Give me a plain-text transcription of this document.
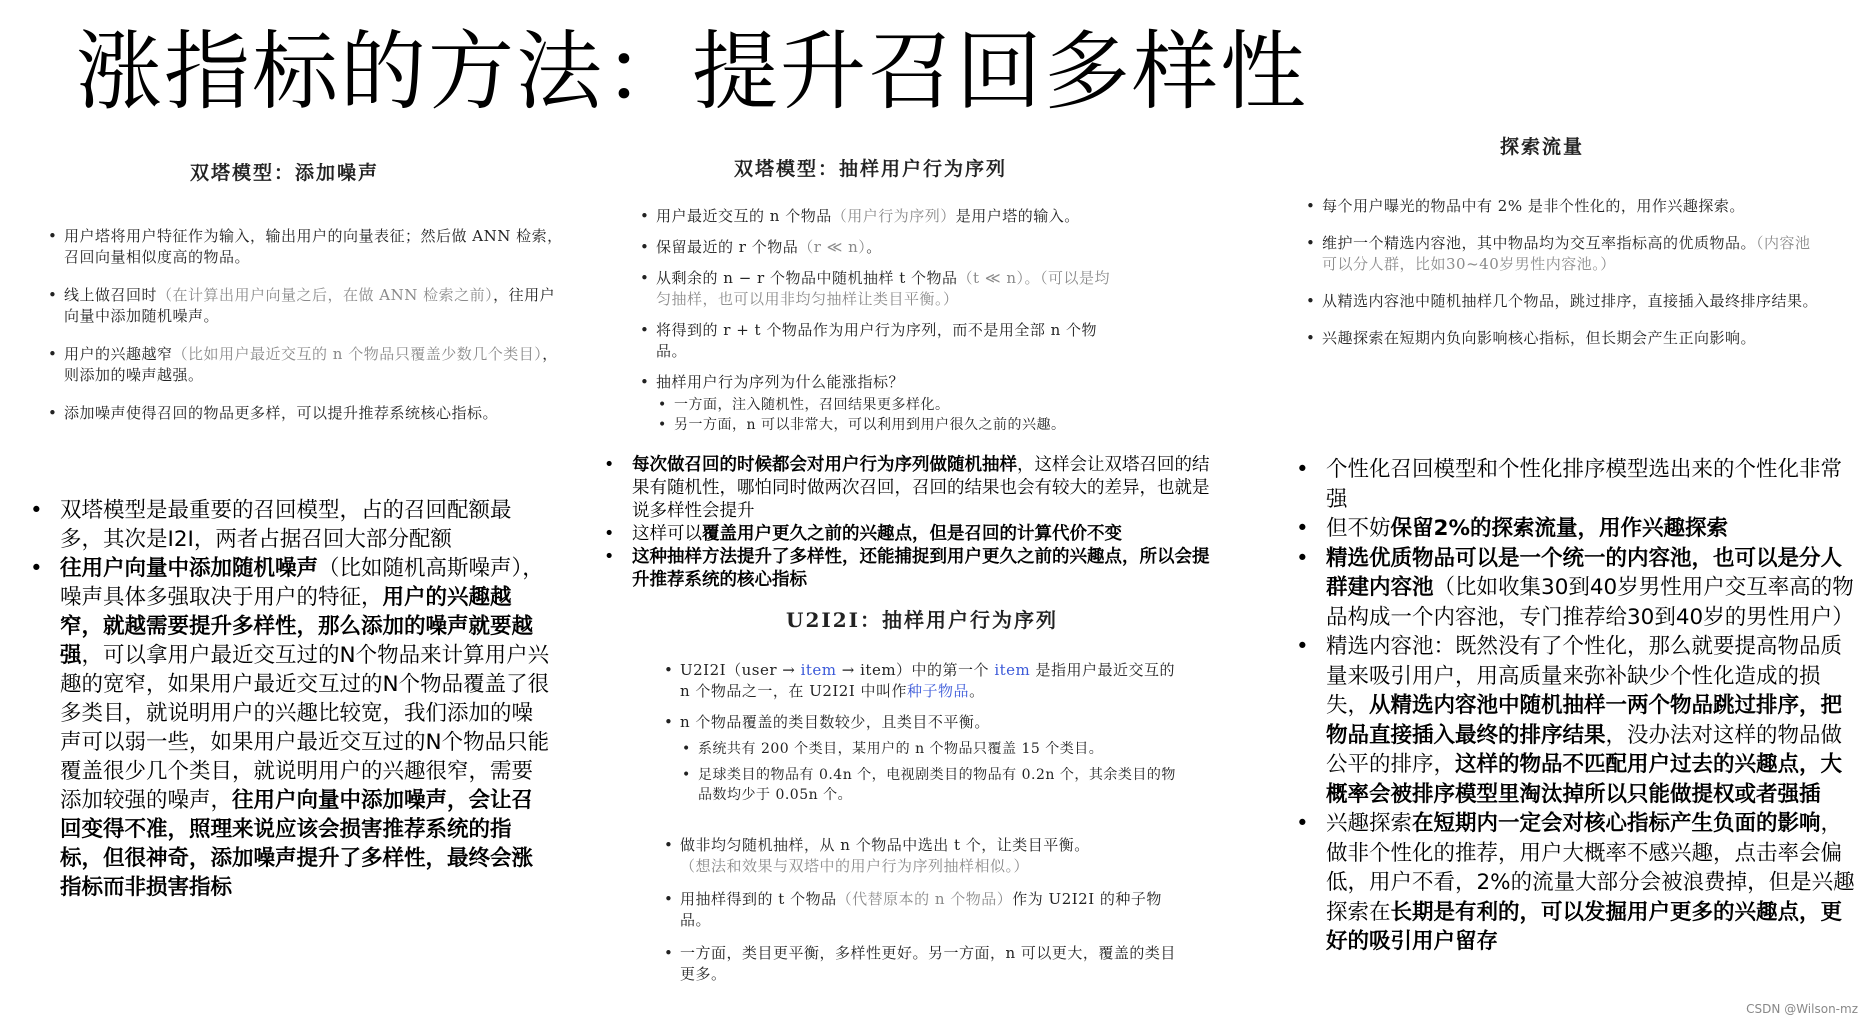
涨指标的方法：提升召回多样性
双塔模型：添加噪声
• 用户塔将用户特征作为输入，输出用户的向量表征；然后做 ANN 检索，召回向量相似度高的物品。
• 线上做召回时（在计算出用户向量之后，在做 ANN 检索之前），往用户向量中添加随机噪声。
• 用户的兴趣越窄（比如用户最近交互的 n 个物品只覆盖少数几个类目），则添加的噪声越强。
• 添加噪声使得召回的物品更多样，可以提升推荐系统核心指标。
双塔模型：抽样用户行为序列
• 用户最近交互的 n 个物品（用户行为序列）是用户塔的输入。
• 保留最近的 r 个物品（r ≪ n）。
• 从剩余的 n − r 个物品中随机抽样 t 个物品（t ≪ n）。（可以是均匀抽样，也可以用非均匀抽样让类目平衡。）
• 将得到的 r + t 个物品作为用户行为序列，而不是用全部 n 个物品。
• 抽样用户行为序列为什么能涨指标？
• 一方面，注入随机性，召回结果更多样化。
• 另一方面，n 可以非常大，可以利用到用户很久之前的兴趣。
探索流量
• 每个用户曝光的物品中有 2% 是非个性化的，用作兴趣探索。
• 维护一个精选内容池，其中物品均为交互率指标高的优质物品。（内容池可以分人群，比如30~40岁男性内容池。）
• 从精选内容池中随机抽样几个物品，跳过排序，直接插入最终排序结果。
• 兴趣探索在短期内负向影响核心指标，但长期会产生正向影响。
U2I2I：抽样用户行为序列
• U2I2I（user → item → item）中的第一个 item 是指用户最近交互的 n 个物品之一，在 U2I2I 中叫作种子物品。
• n 个物品覆盖的类目数较少，且类目不平衡。
• 系统共有 200 个类目，某用户的 n 个物品只覆盖 15 个类目。
• 足球类目的物品有 0.4n 个，电视剧类目的物品有 0.2n 个，其余类目的物品数均少于 0.05n 个。
• 做非均匀随机抽样，从 n 个物品中选出 t 个，让类目平衡。
（想法和效果与双塔中的用户行为序列抽样相似。）
• 用抽样得到的 t 个物品（代替原本的 n 个物品）作为 U2I2I 的种子物品。
• 一方面，类目更平衡，多样性更好。另一方面，n 可以更大，覆盖的类目更多。
• 双塔模型是最重要的召回模型，占的召回配额最多，其次是I2I，两者占据召回大部分配额
• 往用户向量中添加随机噪声（比如随机高斯噪声），噪声具体多强取决于用户的特征，用户的兴趣越窄，就越需要提升多样性，那么添加的噪声就要越强，可以拿用户最近交互过的N个物品来计算用户兴趣的宽窄，如果用户最近交互过的N个物品覆盖了很多类目，就说明用户的兴趣比较宽，我们添加的噪声可以弱一些，如果用户最近交互过的N个物品只能覆盖很少几个类目，就说明用户的兴趣很窄，需要添加较强的噪声，往用户向量中添加噪声，会让召回变得不准，照理来说应该会损害推荐系统的指标，但很神奇，添加噪声提升了多样性，最终会涨指标而非损害指标
• 每次做召回的时候都会对用户行为序列做随机抽样，这样会让双塔召回的结果有随机性，哪怕同时做两次召回，召回的结果也会有较大的差异，也就是说多样性会提升
• 这样可以覆盖用户更久之前的兴趣点，但是召回的计算代价不变
• 这种抽样方法提升了多样性，还能捕捉到用户更久之前的兴趣点，所以会提升推荐系统的核心指标
• 个性化召回模型和个性化排序模型选出来的个性化非常强
• 但不妨保留2%的探索流量，用作兴趣探索
• 精选优质物品可以是一个统一的内容池，也可以是分人群建内容池（比如收集30到40岁男性用户交互率高的物品构成一个内容池，专门推荐给30到40岁的男性用户）
• 精选内容池：既然没有了个性化，那么就要提高物品质量来吸引用户，用高质量来弥补缺少个性化造成的损失，从精选内容池中随机抽样一两个物品跳过排序，把物品直接插入最终的排序结果，没办法对这样的物品做公平的排序，这样的物品不匹配用户过去的兴趣点，大概率会被排序模型里淘汰掉所以只能做提权或者强插
• 兴趣探索在短期内一定会对核心指标产生负面的影响，做非个性化的推荐，用户大概率不感兴趣，点击率会偏低，用户不看，2%的流量大部分会被浪费掉，但是兴趣探索在长期是有利的，可以发掘用户更多的兴趣点，更好的吸引用户留存
CSDN @Wilson-mz
